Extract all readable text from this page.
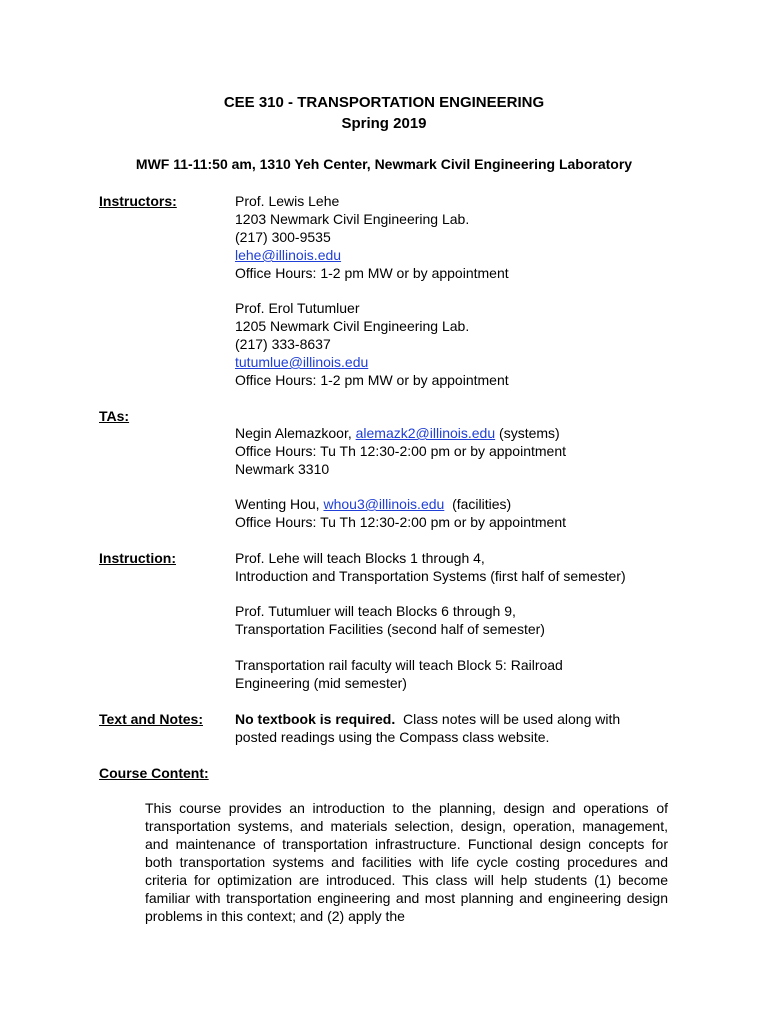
CEE 310 - TRANSPORTATION ENGINEERING
Spring 2019
MWF 11-11:50 am, 1310 Yeh Center, Newmark Civil Engineering Laboratory
Instructors:	Prof. Lewis Lehe
1203 Newmark Civil Engineering Lab.
(217) 300-9535
lehe@illinois.edu
Office Hours: 1-2 pm MW or by appointment
Prof. Erol Tutumluer
1205 Newmark Civil Engineering Lab.
(217) 333-8637
tutumlue@illinois.edu
Office Hours: 1-2 pm MW or by appointment
TAs:
Negin Alemazkoor, alemazk2@illinois.edu (systems)
Office Hours: Tu Th 12:30-2:00 pm or by appointment
Newmark 3310
Wenting Hou, whou3@illinois.edu (facilities)
Office Hours: Tu Th 12:30-2:00 pm or by appointment
Instruction:	Prof. Lehe will teach Blocks 1 through 4,
Introduction and Transportation Systems (first half of semester)
Prof. Tutumluer will teach Blocks 6 through 9,
Transportation Facilities (second half of semester)
Transportation rail faculty will teach Block 5: Railroad
Engineering (mid semester)
Text and Notes: No textbook is required. Class notes will be used along with
posted readings using the Compass class website.
Course Content:
This course provides an introduction to the planning, design and operations of transportation systems, and materials selection, design, operation, management, and maintenance of transportation infrastructure. Functional design concepts for both transportation systems and facilities with life cycle costing procedures and criteria for optimization are introduced. This class will help students (1) become familiar with transportation engineering and most planning and engineering design problems in this context; and (2) apply the
